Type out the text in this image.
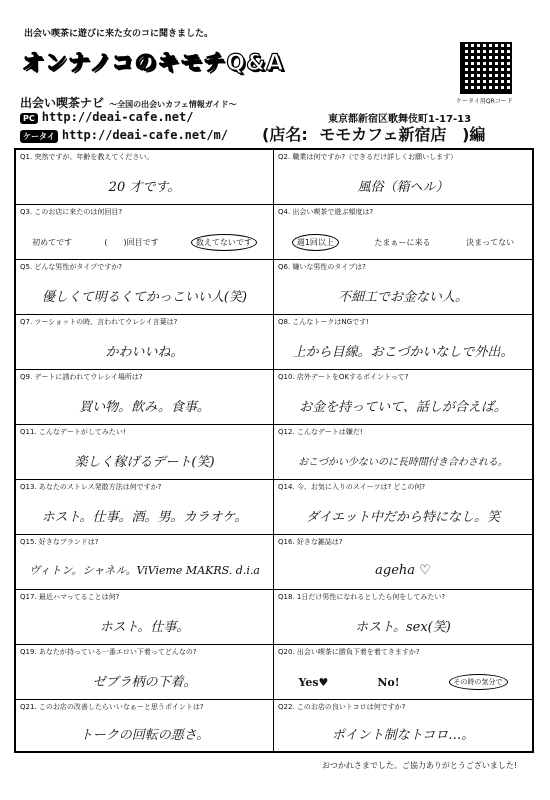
出会い喫茶に遊びに来た女のコに聞きました。
オンナノコのキモチQ&A
出会い喫茶ナビ ～全国の出会いカフェ情報ガイド～
PC http://deai-cafe.net/
ケータイ http://deai-cafe.net/m/
ケータイ用QRコード
東京都新宿区歌舞伎町1-17-13
(店名: モモカフェ新宿店 )編
Q1. 突然ですが、年齢を教えてください。
20 才です。
Q2. 職業は何ですか?（できるだけ詳しくお願いします）
風俗（箱ヘル）
Q3. このお店に来たのは何回目?
初めてです	(　　)回目です	数えてないです
Q4. 出会い喫茶で遊ぶ頻度は?
週1回以上	たまぁーに来る	決まってない
Q5. どんな男性がタイプですか?
優しくて明るくてかっこいい人(笑)
Q6. 嫌いな男性のタイプは?
不細工でお金ない人。
Q7. ツーショットの時、言われてウレシイ言葉は?
かわいいね。
Q8. こんなトークはNGです!
上から目線。おこづかいなしで外出。
Q9. デートに誘われてウレシイ場所は?
買い物。飲み。食事。
Q10. 店外デートをOKするポイントって?
お金を持っていて、話しが合えば。
Q11. こんなデートがしてみたい!
楽しく稼げるデート(笑)
Q12. こんなデートは嫌だ!
おこづかい少ないのに長時間付き合わされる。
Q13. あなたのストレス発散方法は何ですか?
ホスト。仕事。酒。男。カラオケ。
Q14. 今、お気に入りのスイーツは? どこの何?
ダイエット中だから特になし。笑
Q15. 好きなブランドは?
ヴィトン。シャネル。ViVieme MAKRS. d.i.a
Q16. 好きな雑誌は?
ageha ♡
Q17. 最近ハマってることは何?
ホスト。仕事。
Q18. 1日だけ男性になれるとしたら何をしてみたい?
ホスト。sex(笑)
Q19. あなたが持っている一番エロい下着ってどんなの?
ゼブラ柄の下着。
Q20. 出会い喫茶に勝負下着を着てきますか?
Yes♥	No!	その時の気分で
Q21. このお店の改善したらいいなぁーと思うポイントは?
トークの回転の悪さ。
Q22. このお店の良いトコロは何ですか?
ポイント制なトコロ…。
おつかれさまでした。ご協力ありがとうございました!
